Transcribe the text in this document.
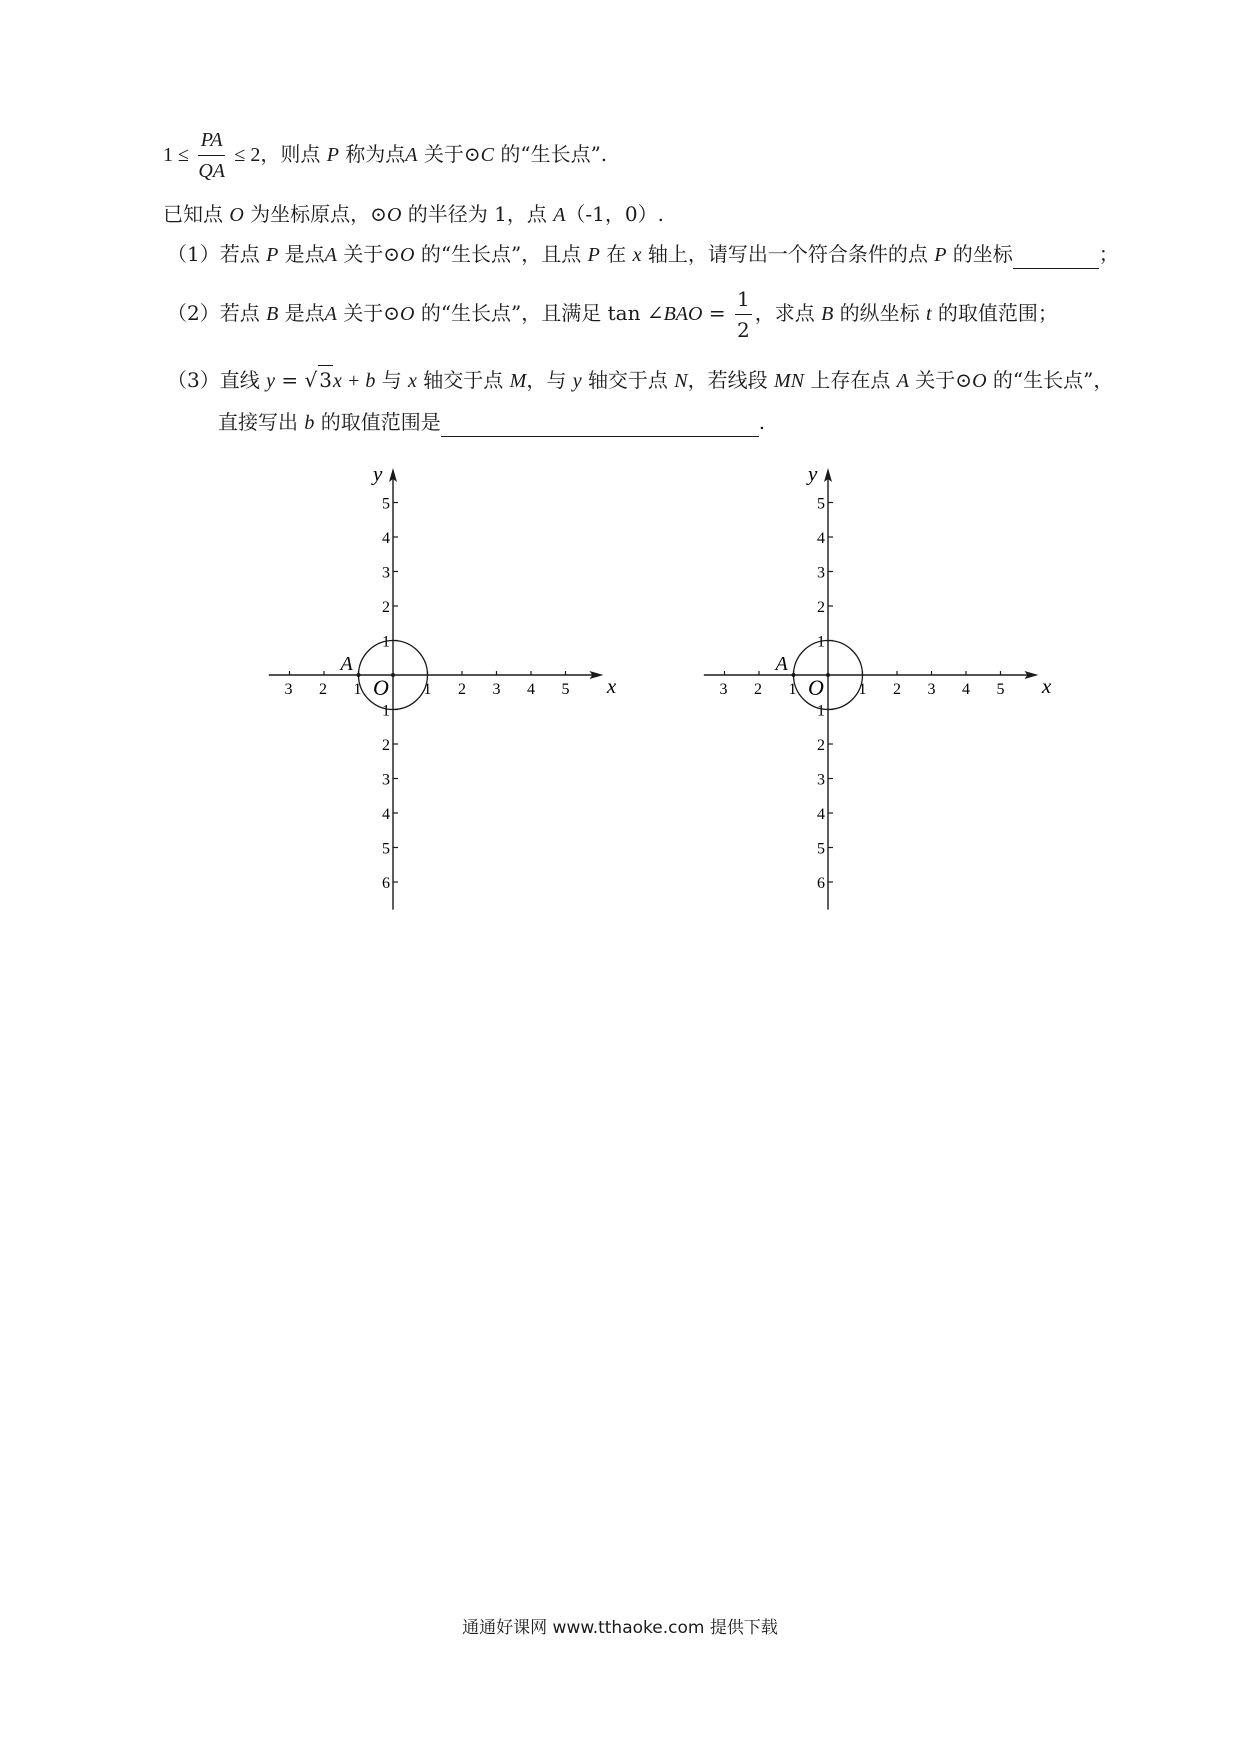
$1 \le \frac{PA}{QA} \le 2$，则点 P 称为点A 关于⊙C 的“生长点”.
已知点 O 为坐标原点，⊙O 的半径为 1，点 A（-1，0）.
（1）若点 P 是点A 关于⊙O 的“生长点”，且点 P 在 x 轴上，请写出一个符合条件的点 P 的坐标	；
（2）若点 B 是点A 关于⊙O 的“生长点”，且满足 tan ∠BAO = $\frac{1}{2}$ ，求点 B 的纵坐标 t 的取值范围；
（3）直线 y = √ 3x + b 与 x 轴交于点 M，与 y 轴交于点 N，若线段 MN 上存在点 A 关于⊙O 的“生长点”，
直接写出 b 的取值范围是	.
x
y
3 2 1	1 2 3 4 5
1
2
3
4
5
1
2
3
4
5
6
O
A
x
y
3 2 1	1 2 3 4 5
1
2
3
4
5
1
2
3
4
5
6
O
A
通通好课网 www.tthaoke.com 提供下载
